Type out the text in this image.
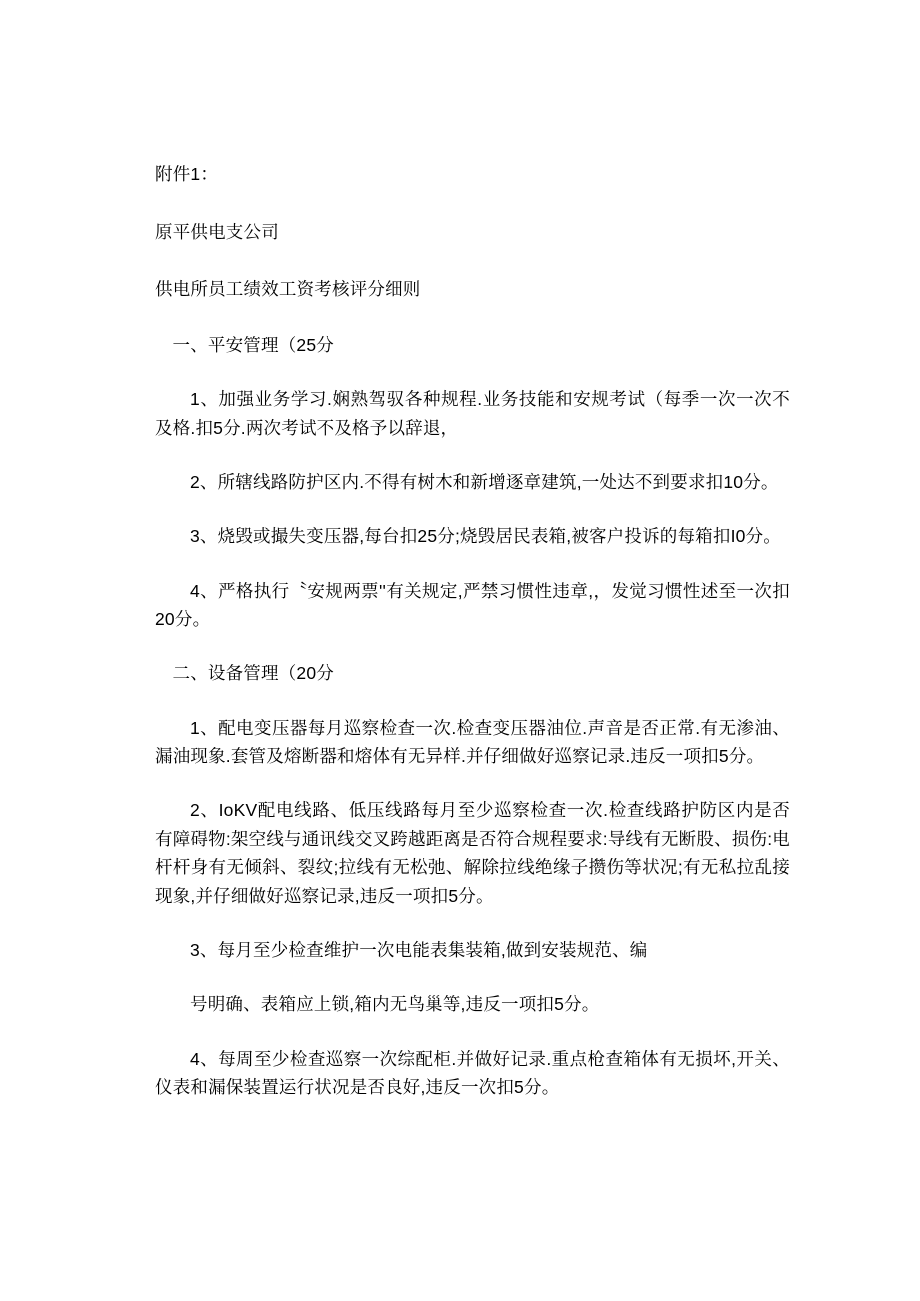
附件1：

原平供电支公司

供电所员工绩效工资考核评分细则

一、平安管理（25分

1、加强业务学习.娴熟驾驭各种规程.业务技能和安规考试（每季一次一次不及格.扣5分.两次考试不及格予以辞退，

2、所辖线路防护区内.不得有树木和新增逐章建筑,一处达不到要求扣10分。

3、烧毁或撮失变压器,每台扣25分;烧毁居民表箱,被客户投诉的每箱扣I0分。

4、严格执行〝安规两票''有关规定,严禁习惯性违章,，发觉习惯性述至一次扣20分。

二、设备管理（20分

1、配电变压器每月巡察检查一次.检查变压器油位.声音是否正常.有无渗油、漏油现象.套管及熔断器和熔体有无异样.并仔细做好巡察记录.违反一项扣5分。

2、IoKV配电线路、低压线路每月至少巡察检查一次.检查线路护防区内是否有障碍物:架空线与通讯线交叉跨越距离是否符合规程要求:导线有无断股、损伤:电杆杆身有无倾斜、裂纹;拉线有无松弛、解除拉线绝缘子攒伤等状况;有无私拉乱接现象,并仔细做好巡察记录,违反一项扣5分。

3、每月至少检查维护一次电能表集装箱,做到安装规范、编

号明确、表箱应上锁,箱内无鸟巢等,违反一项扣5分。

4、每周至少检查巡察一次综配柜.并做好记录.重点枪查箱体有无损坏,开关、仪表和漏保装置运行状况是否良好,违反一次扣5分。
